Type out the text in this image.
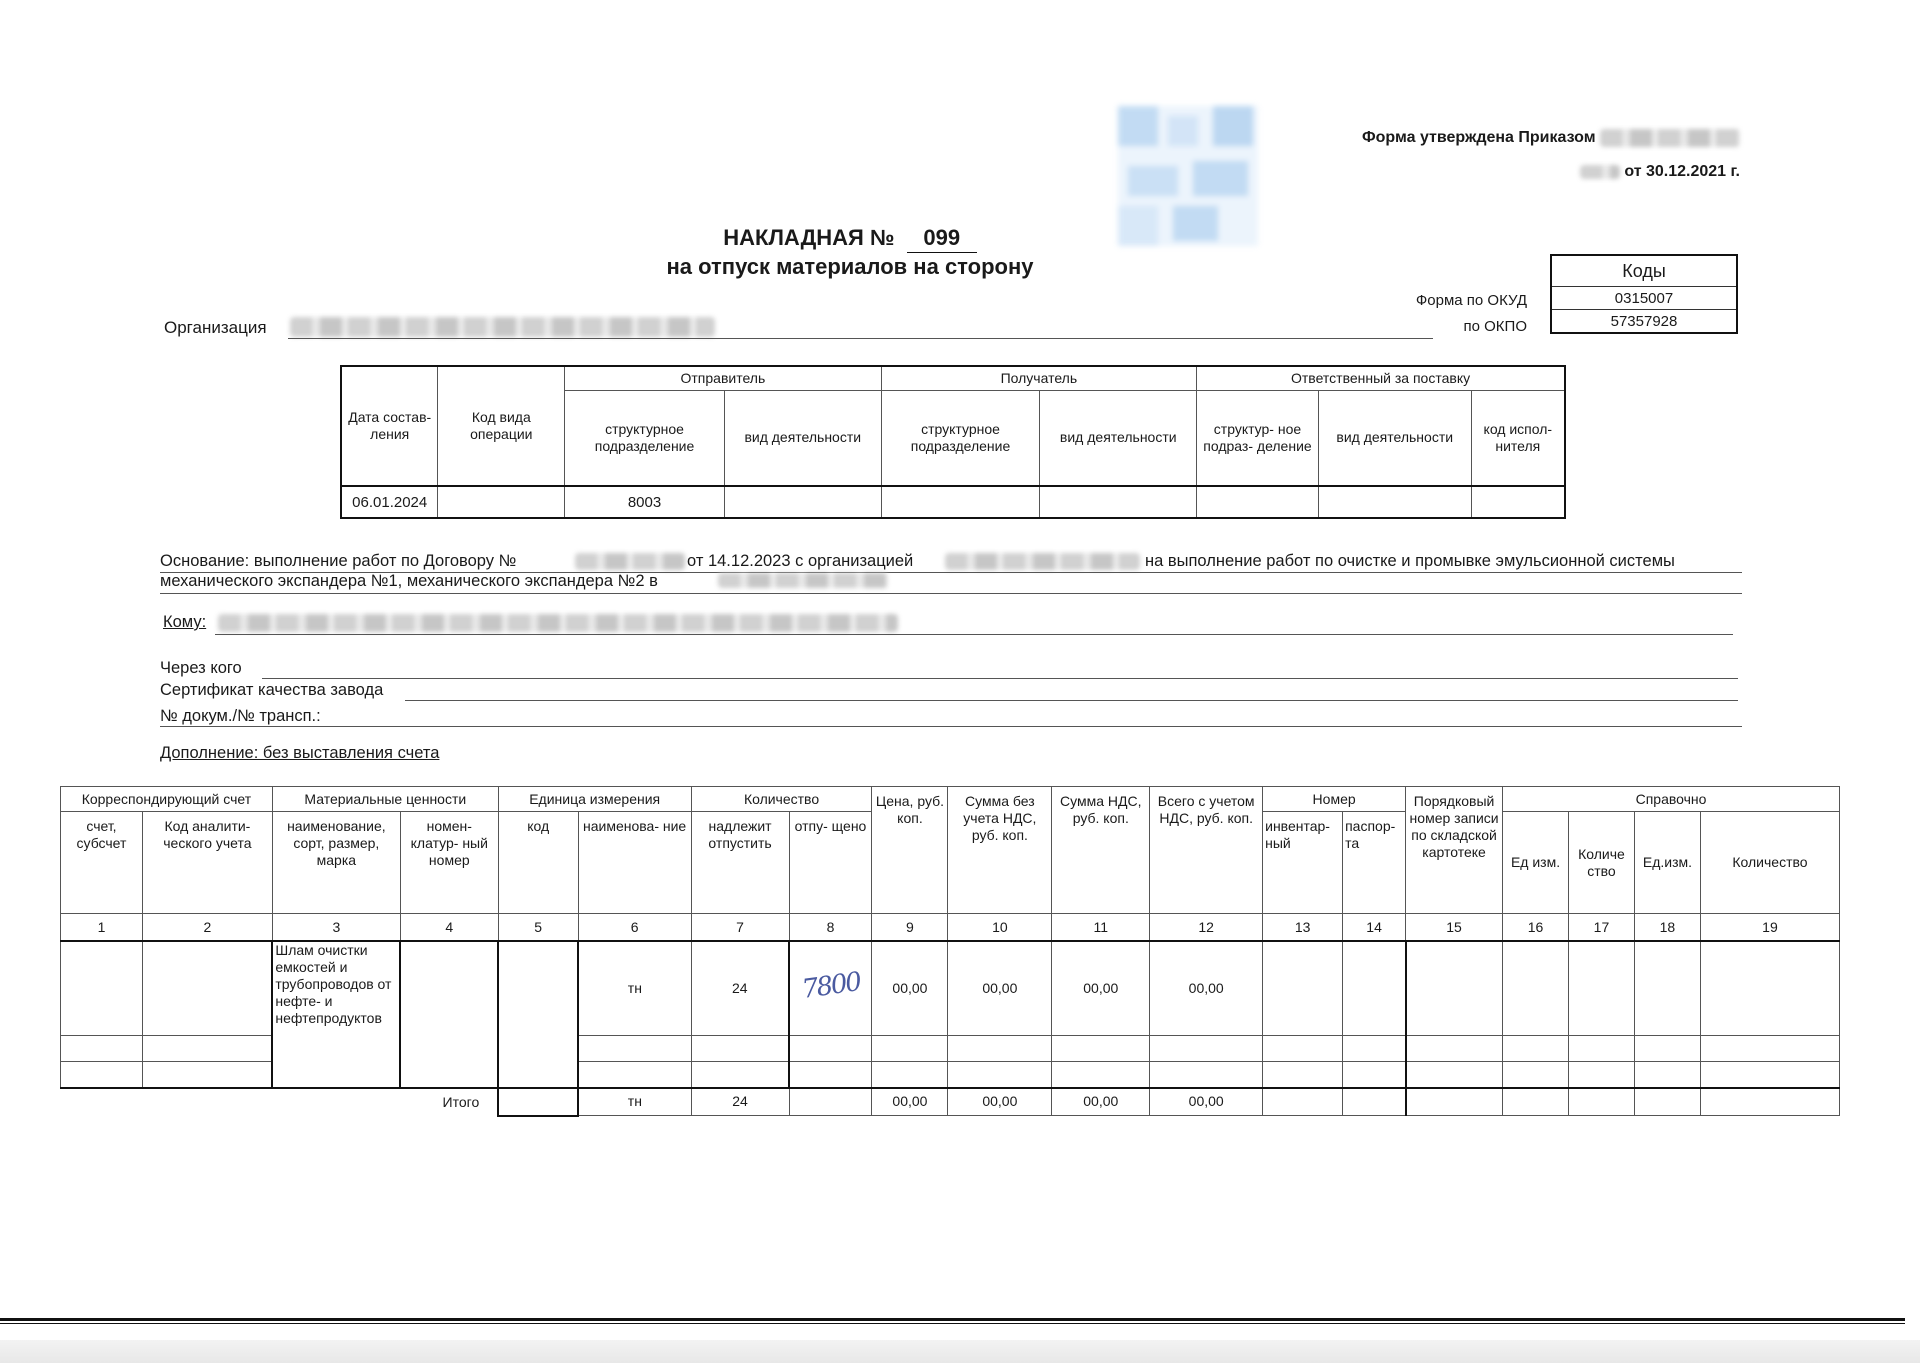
Форма утверждена Приказом
от 30.12.2021 г.
НАКЛАДНАЯ № 099
на отпуск материалов на сторону	Коды
0315007
57357928
Форма по ОКУД
по ОКПО
Организация
Дата состав- ления	Код вида операции	Отправитель		Получатель		Ответственный за поставку		
		структурное подразделение	вид деятельности	структурное подразделение	вид деятельности	структур- ное подраз- деление	вид деятельности	код испол- нителя
06.01.2024		8003						
Основание: выполнение работ по Договору №	от 14.12.2023 с организацией	на выполнение работ по очистке и промывке эмульсионной системы
механического экспандера №1, механического экспандера №2 в
Кому:
Через кого
Сертификат качества завода
№ докум./№ трансп.:
Дополнение: без выставления счета
Корреспондирующий счет		Материальные ценности		Единица измерения		Количество		Цена, руб. коп.	Сумма без учета НДС, руб. коп.	Сумма НДС, руб. коп.	Всего с учетом НДС, руб. коп.	Номер		Порядковый номер записи по складской картотеке	Справочно			
счет, субсчет	Код аналити- ческого учета	наименование, сорт, размер, марка	номен- клатур- ный номер	код	наименова- ние	надлежит отпустить	отпу- щено					инвентар- ный	паспор- та		Ед изм.	Количе ство	Ед.изм.	Количество
1	2	3	4	5	6	7	8	9	10	11	12	13	14	15	16	17	18	19
		Шлам очистки емкостей и трубопроводов от нефте- и нефтепродуктов			тн	24	7800	00,00	00,00	00,00	00,00							

Итого					тн	24		00,00	00,00	00,00	00,00							
